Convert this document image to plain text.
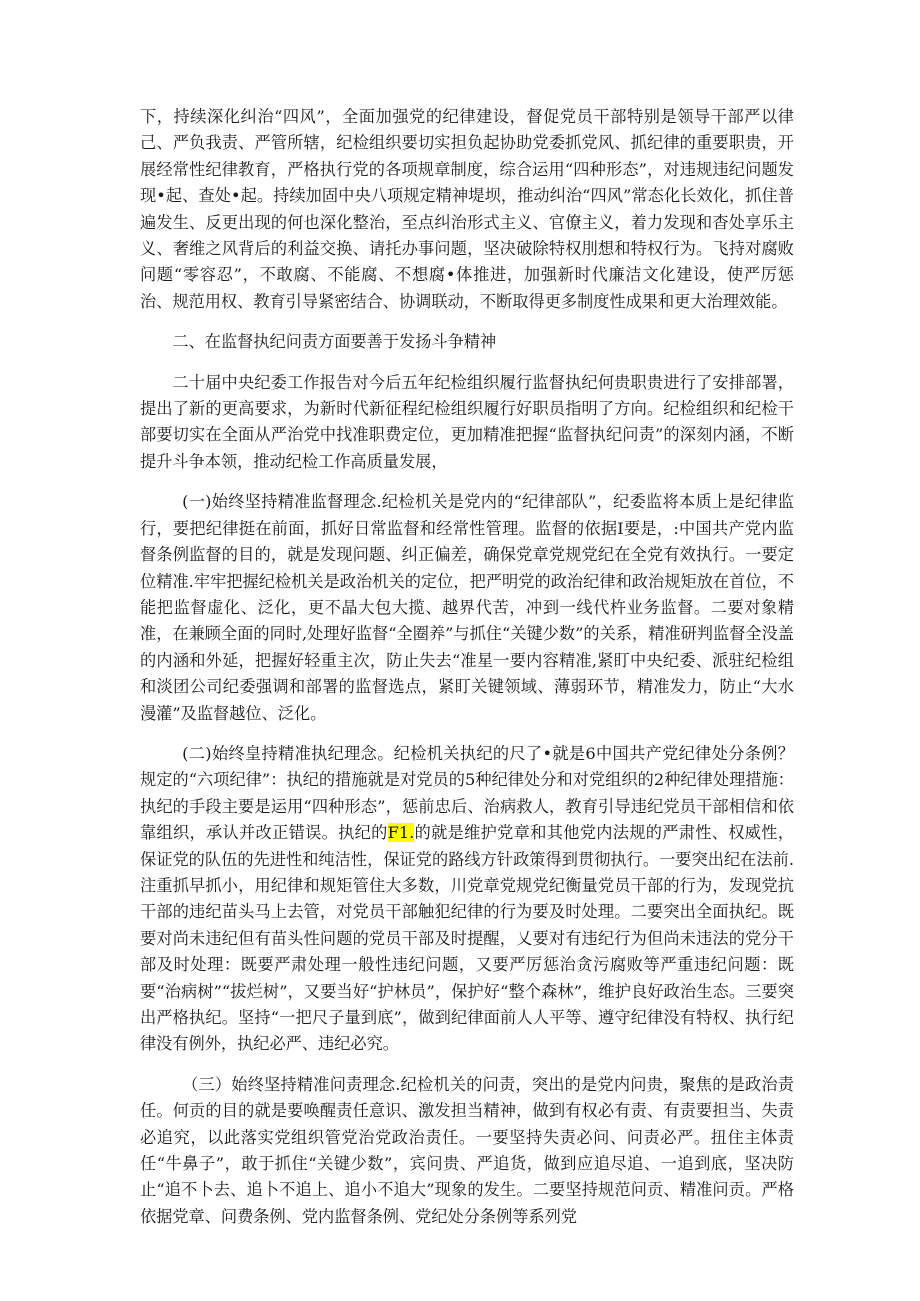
下，持续深化纠治“四风”，全面加强党的纪律建设，督促党员干部特别是领导干部严以律己、严负我责、严管所辖，纪检组织要切实担负起协助党委抓党风、抓纪律的重要职贵，开展经常性纪律教育，严格执行党的各项规章制度，综合运用“四种形态”，对违规违纪问题发现•起、查处•起。持续加固中央八项规定精神堤坝，推动纠治“四风”常态化长效化，抓住普遍发生、反更出现的何也深化整治，至点纠治形式主义、官僚主义，着力发现和杳处享乐主义、奢维之风背后的利益交换、请托办事问题，坚决破除特权刖想和特权行为。飞持对腐败问题“零容忍”，不敢腐、不能腐、不想腐•体推进，加强新时代廉洁文化建设，使严厉惩治、规范用权、教育引导紧密结合、协调联动，不断取得更多制度性成果和更大治理效能。

二、在监督执纪问责方面要善于发扬斗争精神

二十届中央纪委工作报告对今后五年纪检组织履行监督执纪何贵职贵进行了安排部署，提出了新的更高要求，为新时代新征程纪检组织履行好职员指明了方向。纪检组织和纪检干部要切实在全面从严治党中找准职费定位，更加精准把握“监督执纪问责”的深刻内涵，不断提升斗争本领，推动纪检工作高质量发展，

(一)始终坚持精准监督理念.纪检机关是党内的“纪律部队”，纪委监将本质上是纪律监行，要把纪律挺在前面，抓好日常监督和经常性管理。监督的依据I要是，:中国共产党内监督条例监督的目的，就是发现问题、纠正偏差，确保党章党规党纪在全党有效执行。一要定位精准.牢牢把握纪检机关是政治机关的定位，把严明党的政治纪律和政治规矩放在首位，不能把监督虚化、泛化，更不晶大包大揽、越界代苦，冲到一线代杵业务监督。二要对象精准，在兼顾全面的同时,处理好监督“全圈养”与抓住“关键少数”的关系，精准研判监督全没盖的内涵和外延，把握好轻重主次，防止失去“准星一要内容精准,紧盯中央纪委、派驻纪检组和淡团公司纪委强调和部署的监督选点，紧盯关键领域、薄弱环节，精准发力，防止“大水漫灌”及监督越位、泛化。

(二)始终皇持精准执纪理念。纪检机关执纪的尺了•就是6中国共产党纪律处分条例？规定的“六项纪律”：执纪的措施就是对党员的5种纪律处分和对党组织的2种纪律处理措施：执纪的手段主要是运用“四种形态”，惩前忠后、治病救人，教育引导违纪党员干部相信和依靠组织，承认并改正错误。执纪的F1.的就是维护党章和其他党内法规的严肃性、权威性，保证党的队伍的先进性和纯洁性，保证党的路线方针政策得到贯彻执行。一要突出纪在法前.注重抓早抓小，用纪律和规矩管住大多数，川党章党规党纪衡量党员干部的行为，发现党抗干部的违纪苗头马上去管，对党员干部触犯纪律的行为要及时处理。二要突出全面执纪。既要对尚未违纪但有苗头性问题的党员干部及时提醒，乂要对有违纪行为但尚未违法的党分干部及时处理：既要严肃处理一般性违纪问题，又要严厉惩治贪污腐败等严重违纪问题：既要“治病树”“拔烂树”，又要当好“护林员”，保护好“整个森林”，维护良好政治生态。三要突出严格执纪。坚持“一把尺子量到底”，做到纪律面前人人平等、遵守纪律没有特权、执行纪律没有例外，执纪必严、违纪必究。

（三）始终坚持精准问责理念.纪检机关的问责，突出的是党内问贵，聚焦的是政治责任。何贡的目的就是要唤醒责任意识、激发担当精神，做到有权必有责、有责要担当、失责必追究，以此落实党组织管党治党政治责任。一要坚持失责必问、问责必严。扭住主体责任“牛鼻子”，敢于抓住“关键少数”，宾问贵、严追货，做到应追尽追、一追到底，坚决防止“追不卜去、追卜不追上、追小不追大”现象的发生。二要坚持规范问贡、精准问贡。严格依据党章、问费条例、党内监督条例、党纪处分条例等系列党
